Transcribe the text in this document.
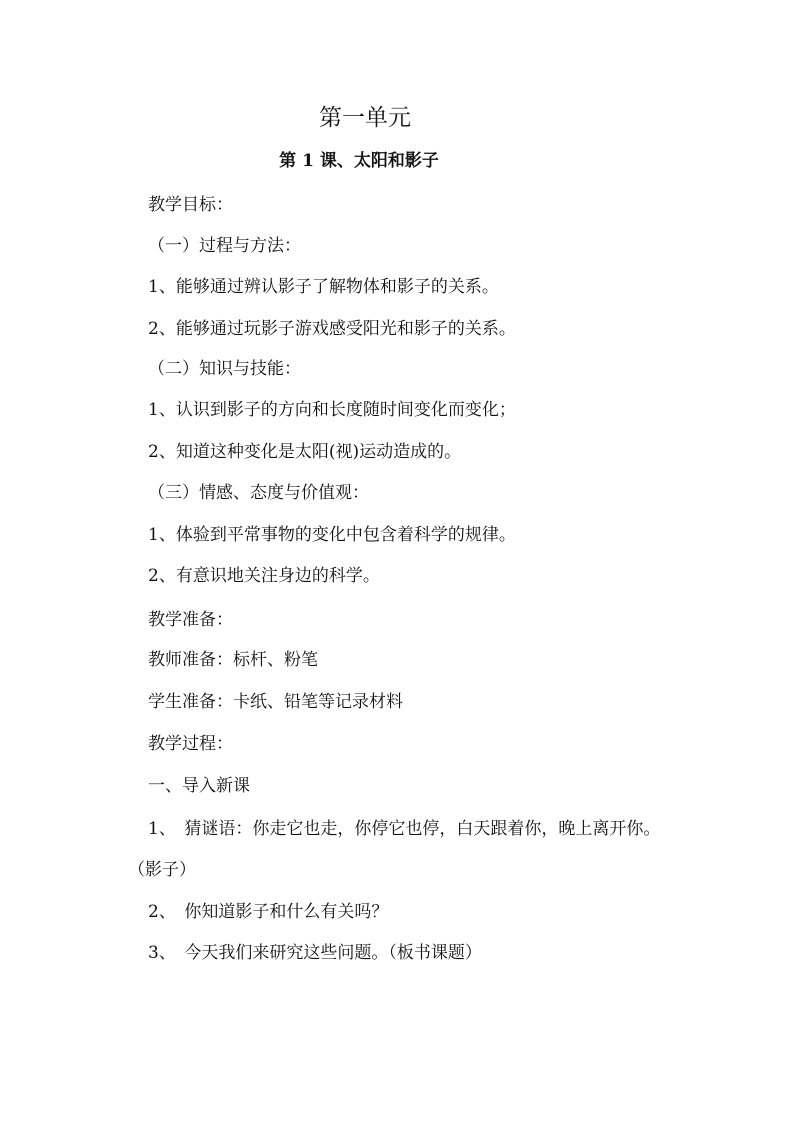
第一单元
第 1 课、太阳和影子
教学目标：
（一）过程与方法：
1、能够通过辨认影子了解物体和影子的关系。
2、能够通过玩影子游戏感受阳光和影子的关系。
（二）知识与技能：
1、认识到影子的方向和长度随时间变化而变化；
2、知道这种变化是太阳(视)运动造成的。
（三）情感、态度与价值观：
1、体验到平常事物的变化中包含着科学的规律。
2、有意识地关注身边的科学。
教学准备：
教师准备：标杆、粉笔
学生准备：卡纸、铅笔等记录材料
教学过程：
一、导入新课
1、　猜谜语：你走它也走，你停它也停，白天跟着你，晚上离开你。
（影子）
2、　你知道影子和什么有关吗？
3、　今天我们来研究这些问题。（板书课题）
